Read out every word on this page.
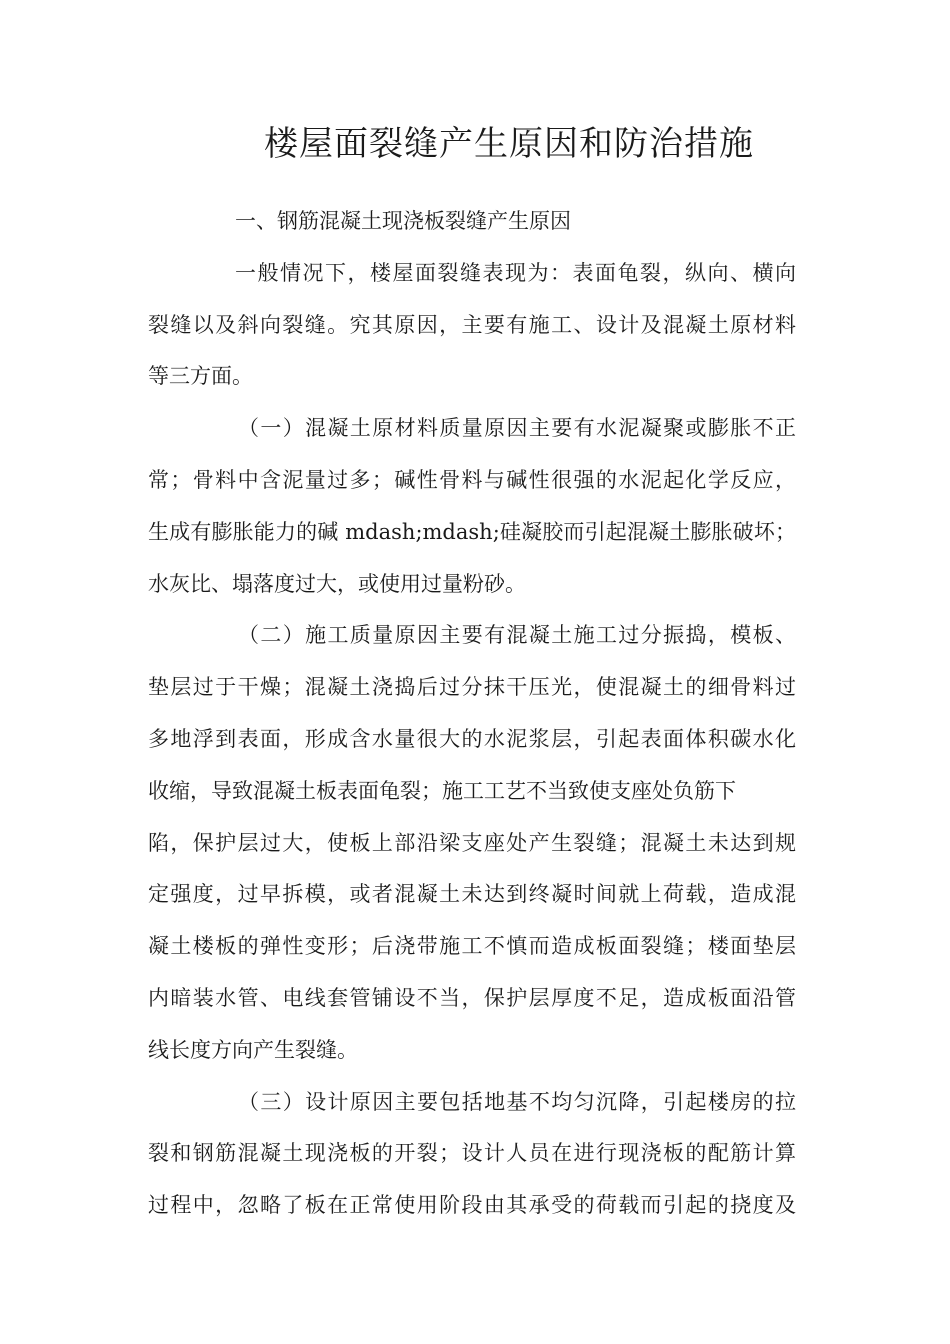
楼屋面裂缝产生原因和防治措施
一、钢筋混凝土现浇板裂缝产生原因
一般情况下，楼屋面裂缝表现为：表面龟裂，纵向、横向
裂缝以及斜向裂缝。究其原因，主要有施工、设计及混凝土原材料
等三方面。
（一）混凝土原材料质量原因主要有水泥凝聚或膨胀不正
常；骨料中含泥量过多；碱性骨料与碱性很强的水泥起化学反应，
生成有膨胀能力的碱 mdash;mdash;硅凝胶而引起混凝土膨胀破坏；
水灰比、塌落度过大，或使用过量粉砂。
（二）施工质量原因主要有混凝土施工过分振捣，模板、
垫层过于干燥；混凝土浇捣后过分抹干压光，使混凝土的细骨料过
多地浮到表面，形成含水量很大的水泥浆层，引起表面体积碳水化
收缩，导致混凝土板表面龟裂；施工工艺不当致使支座处负筋下
陷，保护层过大，使板上部沿梁支座处产生裂缝；混凝土未达到规
定强度，过早拆模，或者混凝土未达到终凝时间就上荷载，造成混
凝土楼板的弹性变形；后浇带施工不慎而造成板面裂缝；楼面垫层
内暗装水管、电线套管铺设不当，保护层厚度不足，造成板面沿管
线长度方向产生裂缝。
（三）设计原因主要包括地基不均匀沉降，引起楼房的拉
裂和钢筋混凝土现浇板的开裂；设计人员在进行现浇板的配筋计算
过程中，忽略了板在正常使用阶段由其承受的荷载而引起的挠度及
